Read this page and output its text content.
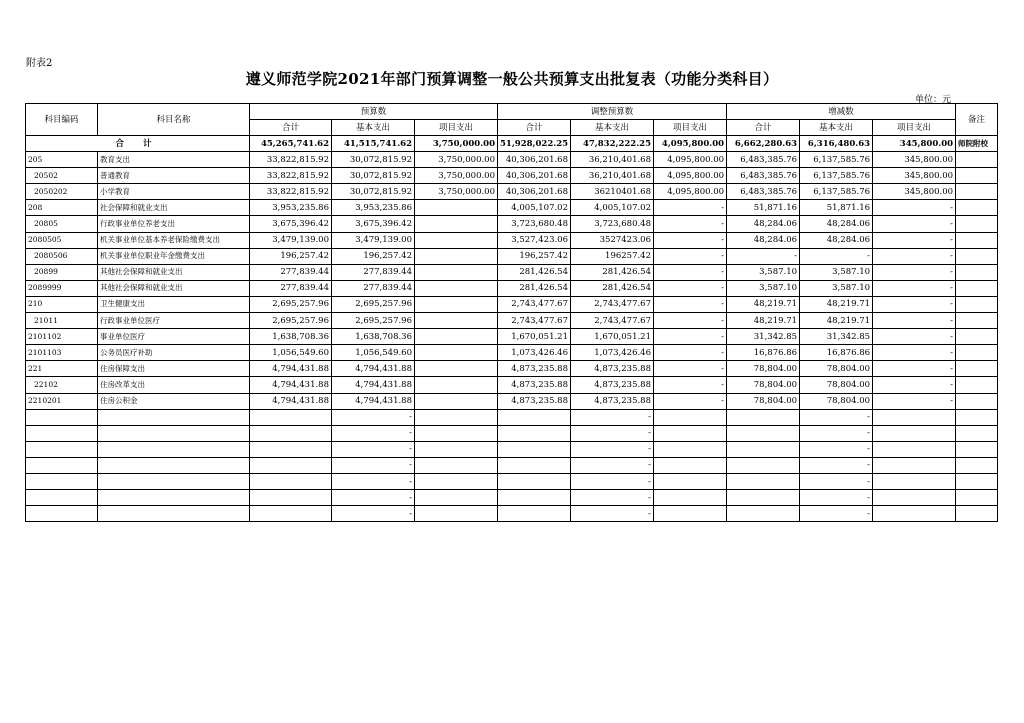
附表2
遵义师范学院2021年部门预算调整一般公共预算支出批复表（功能分类科目）
单位：元
科目编码	科目名称	预算数			调整预算数			增减数			备注
		合计	基本支出	项目支出	合计	基本支出	项目支出	合计	基本支出	项目支出	
合 计		45,265,741.62	41,515,741.62	3,750,000.00	51,928,022.25	47,832,222.25	4,095,800.00	6,662,280.63	6,316,480.63	345,800.00	师院附校
205	教育支出	33,822,815.92	30,072,815.92	3,750,000.00	40,306,201.68	36,210,401.68	4,095,800.00	6,483,385.76	6,137,585.76	345,800.00	
20502	普通教育	33,822,815.92	30,072,815.92	3,750,000.00	40,306,201.68	36,210,401.68	4,095,800.00	6,483,385.76	6,137,585.76	345,800.00	
2050202	小学教育	33,822,815.92	30,072,815.92	3,750,000.00	40,306,201.68	36210401.68	4,095,800.00	6,483,385.76	6,137,585.76	345,800.00	
208	社会保障和就业支出	3,953,235.86	3,953,235.86		4,005,107.02	4,005,107.02	-	51,871.16	51,871.16	-	
20805	行政事业单位养老支出	3,675,396.42	3,675,396.42		3,723,680.48	3,723,680.48	-	48,284.06	48,284.06	-	
2080505	机关事业单位基本养老保险缴费支出	3,479,139.00	3,479,139.00		3,527,423.06	3527423.06	-	48,284.06	48,284.06	-	
2080506	机关事业单位职业年金缴费支出	196,257.42	196,257.42		196,257.42	196257.42	-	-	-	-	
20899	其他社会保障和就业支出	277,839.44	277,839.44		281,426.54	281,426.54	-	3,587.10	3,587.10	-	
2089999	其他社会保障和就业支出	277,839.44	277,839.44		281,426.54	281,426.54	-	3,587.10	3,587.10	-	
210	卫生健康支出	2,695,257.96	2,695,257.96		2,743,477.67	2,743,477.67	-	48,219.71	48,219.71	-	
21011	行政事业单位医疗	2,695,257.96	2,695,257.96		2,743,477.67	2,743,477.67	-	48,219.71	48,219.71	-	
2101102	事业单位医疗	1,638,708.36	1,638,708.36		1,670,051.21	1,670,051.21	-	31,342.85	31,342.85	-	
2101103	公务员医疗补助	1,056,549.60	1,056,549.60		1,073,426.46	1,073,426.46	-	16,876.86	16,876.86	-	
221	住房保障支出	4,794,431.88	4,794,431.88		4,873,235.88	4,873,235.88	-	78,804.00	78,804.00	-	
22102	住房改革支出	4,794,431.88	4,794,431.88		4,873,235.88	4,873,235.88	-	78,804.00	78,804.00	-	
2210201	住房公积金	4,794,431.88	4,794,431.88		4,873,235.88	4,873,235.88	-	78,804.00	78,804.00	-	
			-			-			-		
			-			-			-		
			-			-			-		
			-			-			-		
			-			-			-		
			-			-			-		
			-			-			-		
